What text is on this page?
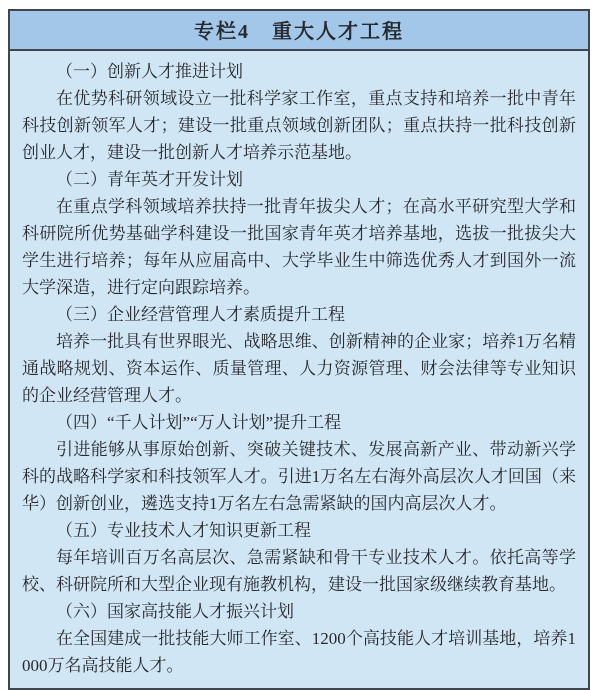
专栏4　重大人才工程

（一）创新人才推进计划

在优势科研领域设立一批科学家工作室，重点支持和培养一批中青年科技创新领军人才；建设一批重点领域创新团队；重点扶持一批科技创新创业人才，建设一批创新人才培养示范基地。

（二）青年英才开发计划

在重点学科领域培养扶持一批青年拔尖人才；在高水平研究型大学和科研院所优势基础学科建设一批国家青年英才培养基地，选拔一批拔尖大学生进行培养；每年从应届高中、大学毕业生中筛选优秀人才到国外一流大学深造，进行定向跟踪培养。

（三）企业经营管理人才素质提升工程

培养一批具有世界眼光、战略思维、创新精神的企业家；培养1万名精通战略规划、资本运作、质量管理、人力资源管理、财会法律等专业知识的企业经营管理人才。

（四）“千人计划”“万人计划”提升工程

引进能够从事原始创新、突破关键技术、发展高新产业、带动新兴学科的战略科学家和科技领军人才。引进1万名左右海外高层次人才回国（来华）创新创业，遴选支持1万名左右急需紧缺的国内高层次人才。

（五）专业技术人才知识更新工程

每年培训百万名高层次、急需紧缺和骨干专业技术人才。依托高等学校、科研院所和大型企业现有施教机构，建设一批国家级继续教育基地。

（六）国家高技能人才振兴计划

在全国建成一批技能大师工作室、1200个高技能人才培训基地，培养1000万名高技能人才。
